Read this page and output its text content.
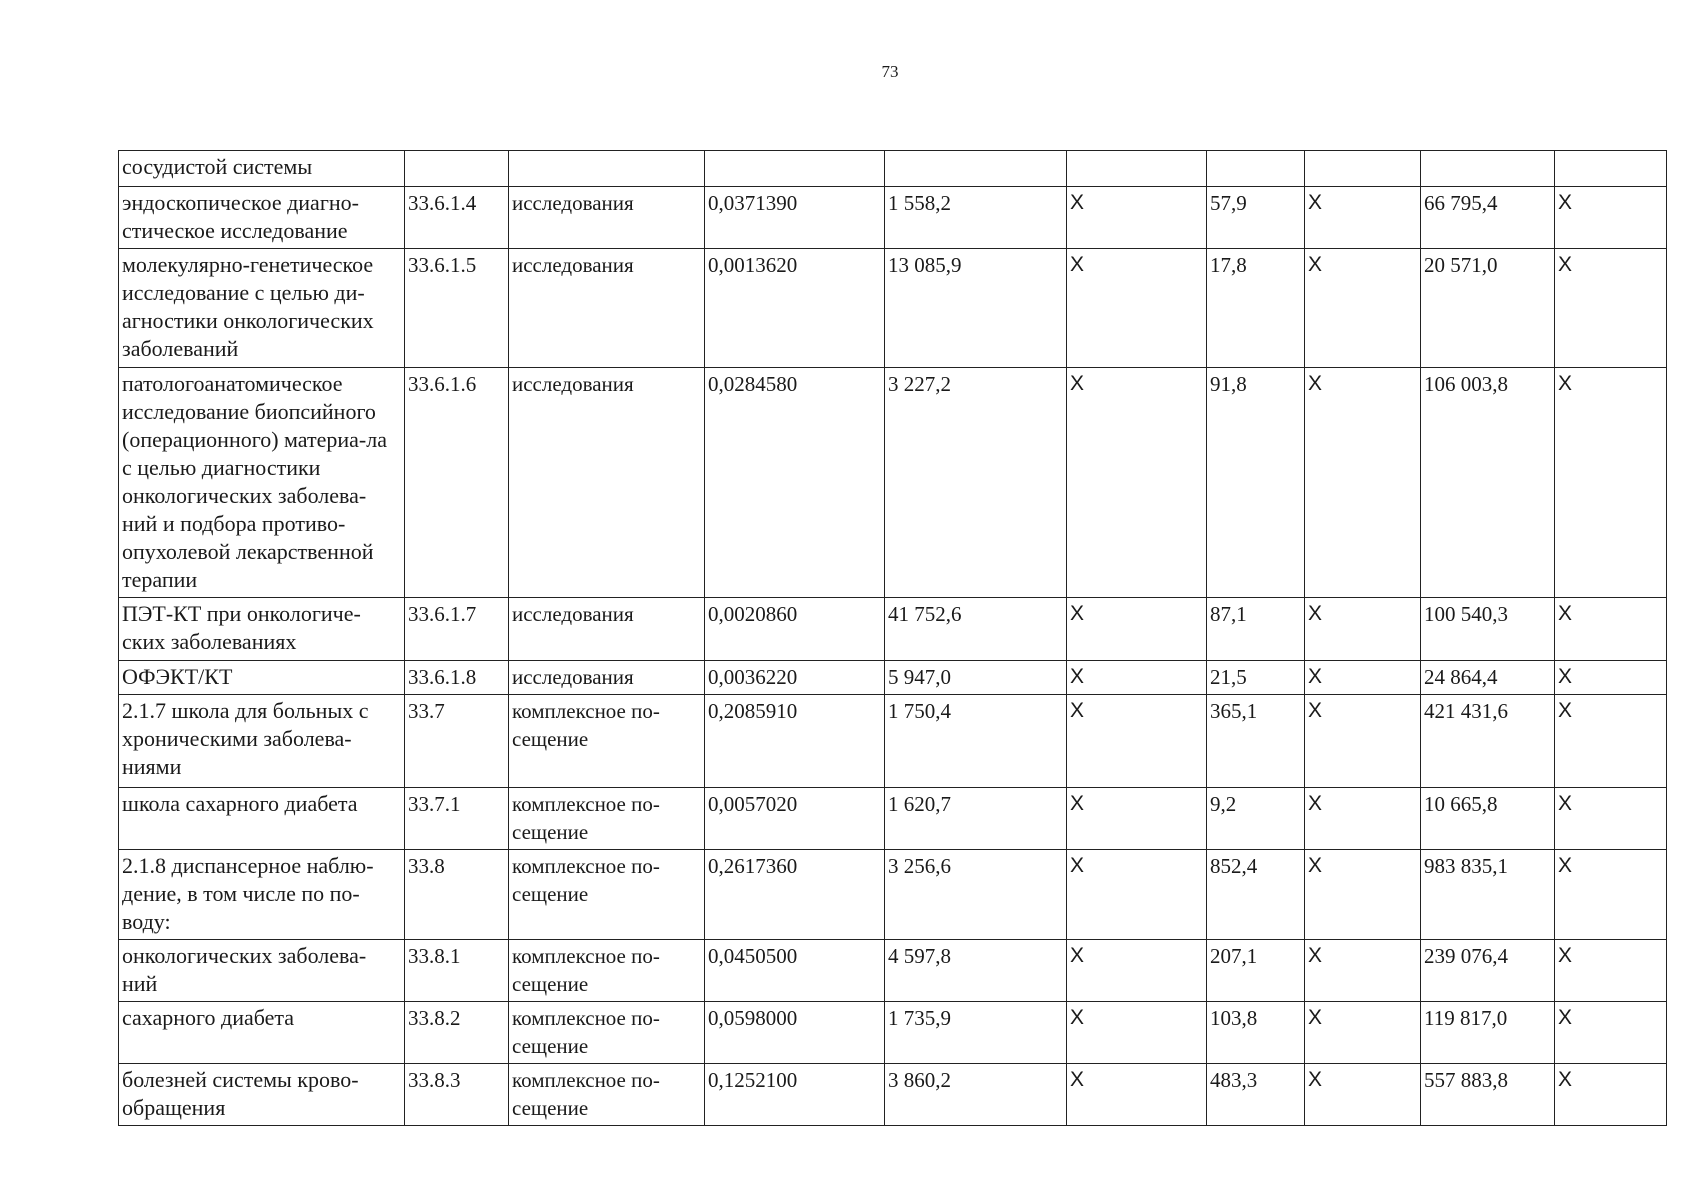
73
сосудистой системы									
эндоскопическое диагно-стическое исследование	33.6.1.4	исследования	0,0371390	1 558,2	X	57,9	X	66 795,4	X
молекулярно-генетическое исследование с целью ди-агностики онкологических заболеваний	33.6.1.5	исследования	0,0013620	13 085,9	X	17,8	X	20 571,0	X
патологоанатомическое исследование биопсийного (операционного) материа-ла с целью диагностики онкологических заболева-ний и подбора противо-опухолевой лекарственной терапии	33.6.1.6	исследования	0,0284580	3 227,2	X	91,8	X	106 003,8	X
ПЭТ-КТ при онкологиче-ских заболеваниях	33.6.1.7	исследования	0,0020860	41 752,6	X	87,1	X	100 540,3	X
ОФЭКТ/КТ	33.6.1.8	исследования	0,0036220	5 947,0	X	21,5	X	24 864,4	X
2.1.7 школа для больных с хроническими заболева-ниями	33.7	комплексное по-сещение	0,2085910	1 750,4	X	365,1	X	421 431,6	X
школа сахарного диабета	33.7.1	комплексное по-сещение	0,0057020	1 620,7	X	9,2	X	10 665,8	X
2.1.8 диспансерное наблю-дение, в том числе по по-воду:	33.8	комплексное по-сещение	0,2617360	3 256,6	X	852,4	X	983 835,1	X
онкологических заболева-ний	33.8.1	комплексное по-сещение	0,0450500	4 597,8	X	207,1	X	239 076,4	X
сахарного диабета	33.8.2	комплексное по-сещение	0,0598000	1 735,9	X	103,8	X	119 817,0	X
болезней системы крово-обращения	33.8.3	комплексное по-сещение	0,1252100	3 860,2	X	483,3	X	557 883,8	X
